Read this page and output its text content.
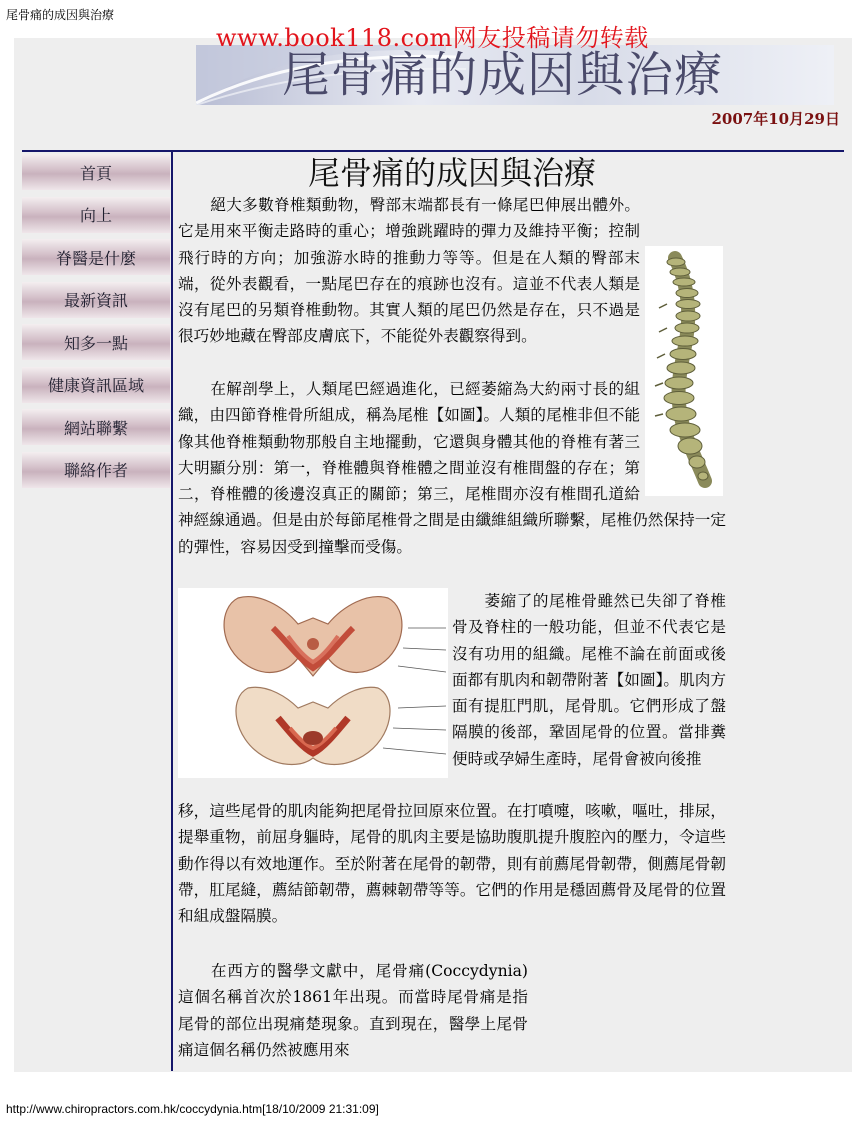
尾骨痛的成因與治療
尾骨痛的成因與治療
www.book118.com网友投稿请勿转载
2007年10月29日
首頁
向上
脊醫是什麼
最新資訊
知多一點
健康資訊區域
網站聯繫
聯絡作者
尾骨痛的成因與治療

絕大多數脊椎類動物，臀部末端都長有一條尾巴伸展出體外。它是用來平衡走路時的重心；增強跳躍時的彈力及維持平衡；控制飛行時的方向；加強游水時的推動力等等。但是在人類的臀部末端，從外表觀看，一點尾巴存在的痕跡也沒有。這並不代表人類是沒有尾巴的另類脊椎動物。其實人類的尾巴仍然是存在，只不過是很巧妙地藏在臀部皮膚底下，不能從外表觀察得到。

在解剖學上，人類尾巴經過進化，已經萎縮為大約兩寸長的組織，由四節脊椎骨所組成，稱為尾椎【如圖】。人類的尾椎非但不能像其他脊椎類動物那般自主地擺動，它還與身體其他的脊椎有著三大明顯分別：第一，脊椎體與脊椎體之間並沒有椎間盤的存在；第二，脊椎體的後邊沒真正的關節；第三，尾椎間亦沒有椎間孔道給神經線通過。但是由於每節尾椎骨之間是由纖維組織所聯繫，尾椎仍然保持一定的彈性，容易因受到撞擊而受傷。

萎縮了的尾椎骨雖然已失卻了脊椎骨及脊柱的一般功能，但並不代表它是沒有功用的組織。尾椎不論在前面或後面都有肌肉和韌帶附著【如圖】。肌肉方面有提肛門肌，尾骨肌。它們形成了盤隔膜的後部，鞏固尾骨的位置。當排糞便時或孕婦生產時，尾骨會被向後推

移，這些尾骨的肌肉能夠把尾骨拉回原來位置。在打噴嚏，咳嗽，嘔吐，排尿，提舉重物，前屈身軀時，尾骨的肌肉主要是協助腹肌提升腹腔內的壓力，令這些動作得以有效地運作。至於附著在尾骨的韌帶，則有前薦尾骨韌帶，側薦尾骨韌帶，肛尾縫，薦結節韌帶，薦棘韌帶等等。它們的作用是穩固薦骨及尾骨的位置和組成盤隔膜。

在西方的醫學文獻中，尾骨痛(Coccydynia)　這個名稱首次於1861年出現。而當時尾骨痛是指尾骨的部位出現痛楚現象。直到現在，醫學上尾骨痛這個名稱仍然被應用來

http://www.chiropractors.com.hk/coccydynia.htm[18/10/2009 21:31:09]
